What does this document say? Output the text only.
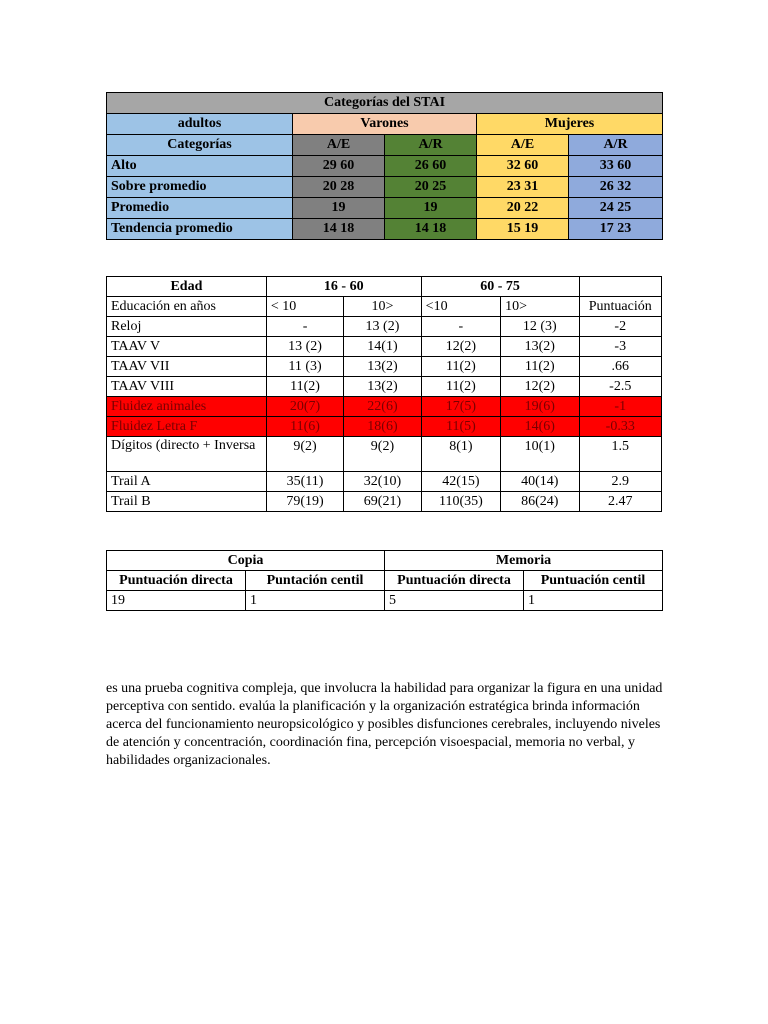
Categorías del STAI				
adultos	Varones		Mujeres	
Categorías	A/E	A/R	A/E	A/R
Alto	29 60	26 60	32 60	33 60
Sobre promedio	20 28	20 25	23 31	26 32
Promedio	19	19	20 22	24 25
Tendencia promedio	14 18	14 18	15 19	17 23
Edad	16 - 60		60 - 75		
Educación en años	< 10	10>	<10	10>	Puntuación
Reloj	-	13 (2)	-	12 (3)	-2
TAAV V	13 (2)	14(1)	12(2)	13(2)	-3
TAAV VII	11 (3)	13(2)	11(2)	11(2)	.66
TAAV VIII	11(2)	13(2)	11(2)	12(2)	-2.5
Fluidez animales	20(7)	22(6)	17(5)	19(6)	-1
Fluidez Letra F	11(6)	18(6)	11(5)	14(6)	-0.33
Dígitos (directo + Inversa	9(2)	9(2)	8(1)	10(1)	1.5
Trail A	35(11)	32(10)	42(15)	40(14)	2.9
Trail B	79(19)	69(21)	110(35)	86(24)	2.47
Copia		Memoria	
Puntuación directa	Puntación centil	Puntuación directa	Puntuación centil
19	1	5	1

es una prueba cognitiva compleja, que involucra la habilidad para organizar la figura en una unidad perceptiva con sentido. evalúa la planificación y la organización estratégica brinda información acerca del funcionamiento neuropsicológico y posibles disfunciones cerebrales, incluyendo niveles de atención y concentración, coordinación fina, percepción visoespacial, memoria no verbal, y habilidades organizacionales.
